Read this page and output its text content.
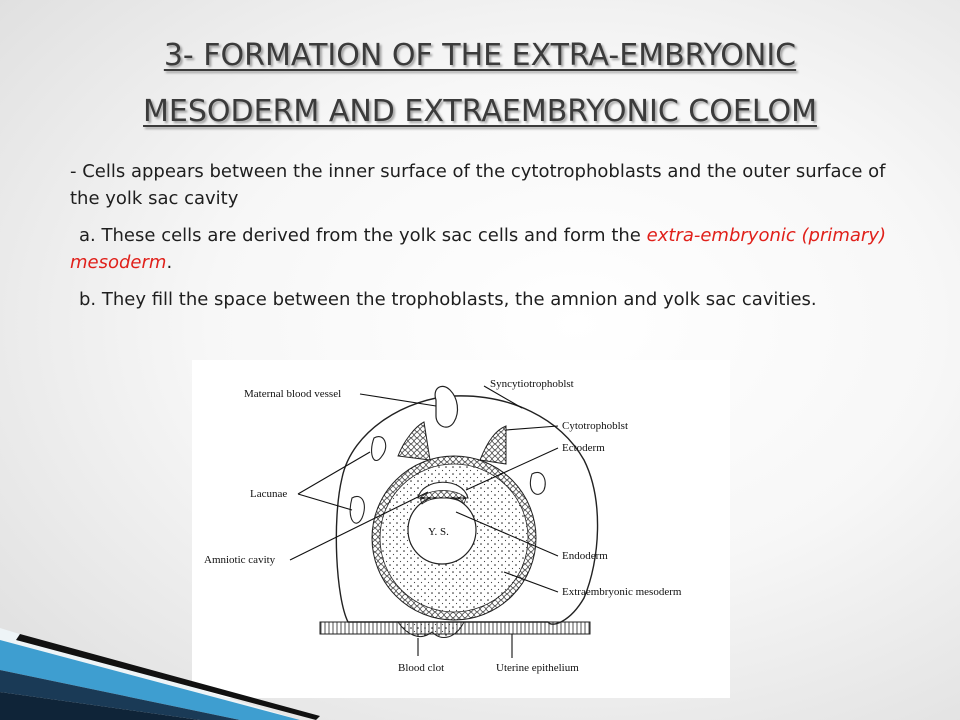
3- FORMATION OF THE EXTRA-EMBRYONIC
MESODERM AND EXTRAEMBRYONIC COELOM

- Cells appears between the inner surface of the cytotrophoblasts and the outer surface of the yolk sac cavity

a. These cells are derived from the yolk sac cells and form the extra-embryonic (primary) mesoderm.

b. They fill the space between the trophoblasts, the amnion and yolk sac cavities.

Maternal blood vessel
Syncytiotrophoblst
Cytotrophoblst
Ectoderm
Lacunae
Y. S.
Amniotic cavity	Endoderm
Extraembryonic mesoderm
Blood clot	Uterine epithelium
